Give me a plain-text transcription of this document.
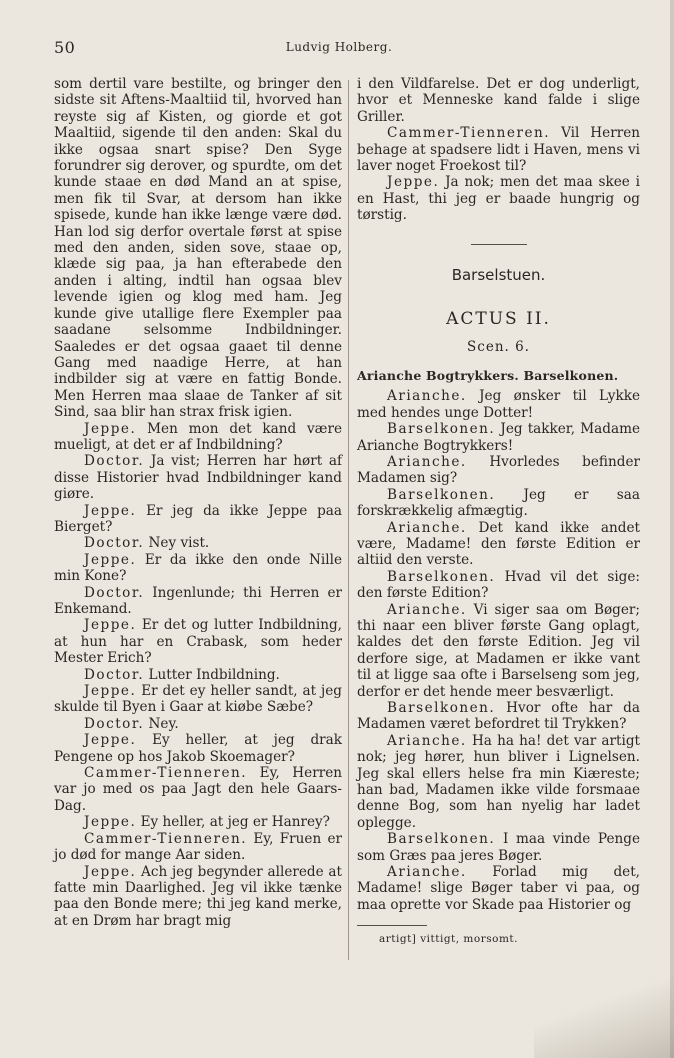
50	Ludvig Holberg.

som dertil vare bestilte, og bringer den sidste sit Aftens-Maaltiid til, hvorved han reyste sig af Kisten, og giorde et got Maaltiid, sigende til den anden: Skal du ikke ogsaa snart spise? Den Syge forundrer sig derover, og spurdte, om det kunde staae en død Mand an at spise, men fik til Svar, at dersom han ikke spisede, kunde han ikke længe være død. Han lod sig derfor overtale først at spise med den anden, siden sove, staae op, klæde sig paa, ja han efterabede den anden i alting, indtil han ogsaa blev levende igien og klog med ham. Jeg kunde give utallige flere Exempler paa saadane selsomme Indbildninger. Saaledes er det ogsaa gaaet til denne Gang med naadige Herre, at han indbilder sig at være en fattig Bonde. Men Herren maa slaae de Tanker af sit Sind, saa blir han strax frisk igien.

Jeppe. Men mon det kand være mueligt, at det er af Indbildning?

Doctor. Ja vist; Herren har hørt af disse Historier hvad Indbildninger kand giøre.

Jeppe. Er jeg da ikke Jeppe paa Bierget?

Doctor. Ney vist.

Jeppe. Er da ikke den onde Nille min Kone?

Doctor. Ingenlunde; thi Herren er Enkemand.

Jeppe. Er det og lutter Indbildning, at hun har en Crabask, som heder Mester Erich?

Doctor. Lutter Indbildning.

Jeppe. Er det ey heller sandt, at jeg skulde til Byen i Gaar at kiøbe Sæbe?

Doctor. Ney.

Jeppe. Ey heller, at jeg drak Pengene op hos Jakob Skoemager?

Cammer-Tienneren. Ey, Herren var jo med os paa Jagt den hele Gaars-Dag.

Jeppe. Ey heller, at jeg er Hanrey?

Cammer-Tienneren. Ey, Fruen er jo død for mange Aar siden.

Jeppe. Ach jeg begynder allerede at fatte min Daarlighed. Jeg vil ikke tænke paa den Bonde mere; thi jeg kand merke, at en Drøm har bragt mig

i den Vildfarelse. Det er dog underligt, hvor et Menneske kand falde i slige Griller.

Cammer-Tienneren. Vil Herren behage at spadsere lidt i Haven, mens vi laver noget Froekost til?

Jeppe. Ja nok; men det maa skee i en Hast, thi jeg er baade hungrig og tørstig.

Barselstuen.
ACTUS II.
Scen. 6.
Arianche Bogtrykkers. Barselkonen.

Arianche. Jeg ønsker til Lykke med hendes unge Dotter!

Barselkonen. Jeg takker, Madame Arianche Bogtrykkers!

Arianche. Hvorledes befinder Madamen sig?

Barselkonen. Jeg er saa forskrækkelig afmægtig.

Arianche. Det kand ikke andet være, Madame! den første Edition er altiid den verste.

Barselkonen. Hvad vil det sige: den første Edition?

Arianche. Vi siger saa om Bøger; thi naar een bliver første Gang oplagt, kaldes det den første Edition. Jeg vil derfore sige, at Madamen er ikke vant til at ligge saa ofte i Barselseng som jeg, derfor er det hende meer besværligt.

Barselkonen. Hvor ofte har da Madamen været befordret til Trykken?

Arianche. Ha ha ha! det var artigt nok; jeg hører, hun bliver i Lignelsen. Jeg skal ellers helse fra min Kiæreste; han bad, Madamen ikke vilde forsmaae denne Bog, som han nyelig har ladet oplegge.

Barselkonen. I maa vinde Penge som Græs paa jeres Bøger.

Arianche. Forlad mig det, Madame! slige Bøger taber vi paa, og maa oprette vor Skade paa Historier og

artigt] vittigt, morsomt.
